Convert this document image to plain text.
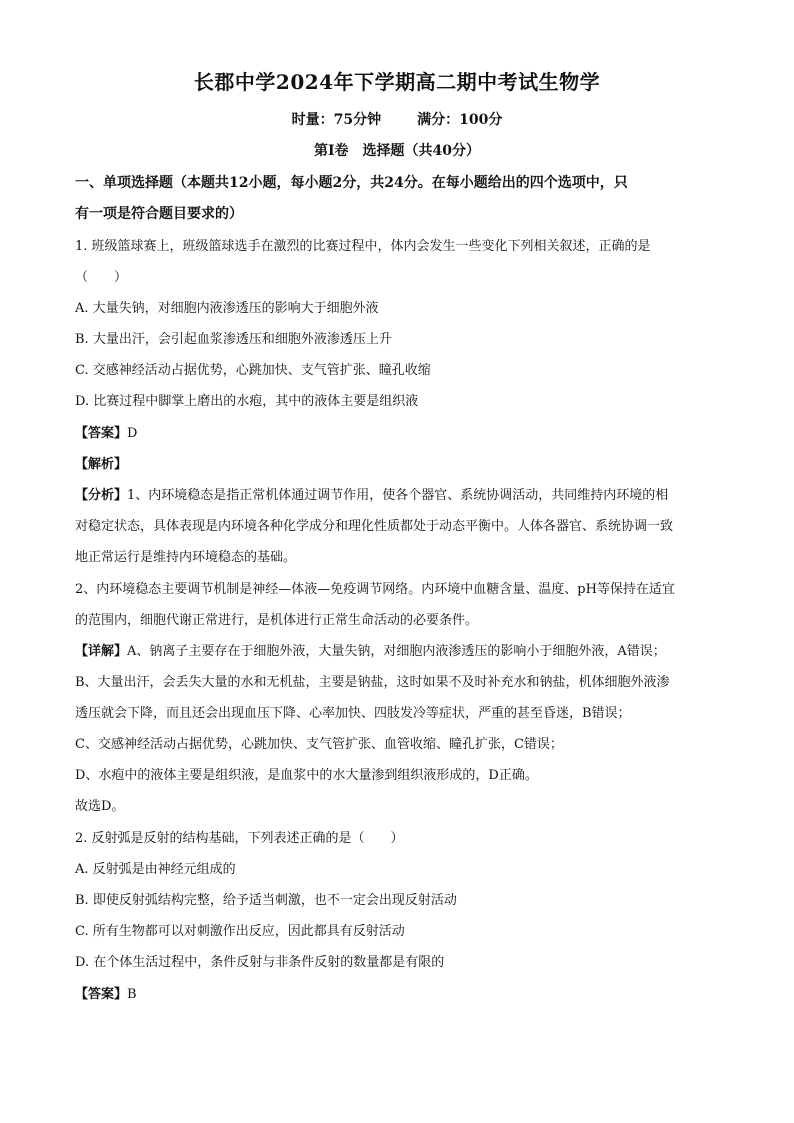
长郡中学2024年下学期高二期中考试生物学
时量：75分钟	满分：100分
第Ⅰ卷　选择题（共40分）
一、单项选择题（本题共12小题，每小题2分，共24分。在每小题给出的四个选项中，只
有一项是符合题目要求的）
1. 班级篮球赛上，班级篮球选手在激烈的比赛过程中，体内会发生一些变化下列相关叙述，正确的是
（　　）
A. 大量失钠，对细胞内液渗透压的影响大于细胞外液
B. 大量出汗，会引起血浆渗透压和细胞外液渗透压上升
C. 交感神经活动占据优势，心跳加快、支气管扩张、瞳孔收缩
D. 比赛过程中脚掌上磨出的水疱，其中的液体主要是组织液
【答案】D
【解析】
【分析】1、内环境稳态是指正常机体通过调节作用，使各个器官、系统协调活动，共同维持内环境的相
对稳定状态，具体表现是内环境各种化学成分和理化性质都处于动态平衡中。人体各器官、系统协调一致
地正常运行是维持内环境稳态的基础。
2、内环境稳态主要调节机制是神经—体液—免疫调节网络。内环境中血糖含量、温度、pH等保持在适宜
的范围内，细胞代谢正常进行，是机体进行正常生命活动的必要条件。
【详解】A、钠离子主要存在于细胞外液，大量失钠，对细胞内液渗透压的影响小于细胞外液，A错误；
B、大量出汗，会丢失大量的水和无机盐，主要是钠盐，这时如果不及时补充水和钠盐，机体细胞外液渗
透压就会下降，而且还会出现血压下降、心率加快、四肢发冷等症状，严重的甚至昏迷，B错误；
C、交感神经活动占据优势，心跳加快、支气管扩张、血管收缩、瞳孔扩张，C错误；
D、水疱中的液体主要是组织液，是血浆中的水大量渗到组织液形成的，D正确。
故选D。
2. 反射弧是反射的结构基础，下列表述正确的是（　　）
A. 反射弧是由神经元组成的
B. 即使反射弧结构完整，给予适当刺激，也不一定会出现反射活动
C. 所有生物都可以对刺激作出反应，因此都具有反射活动
D. 在个体生活过程中，条件反射与非条件反射的数量都是有限的
【答案】B
